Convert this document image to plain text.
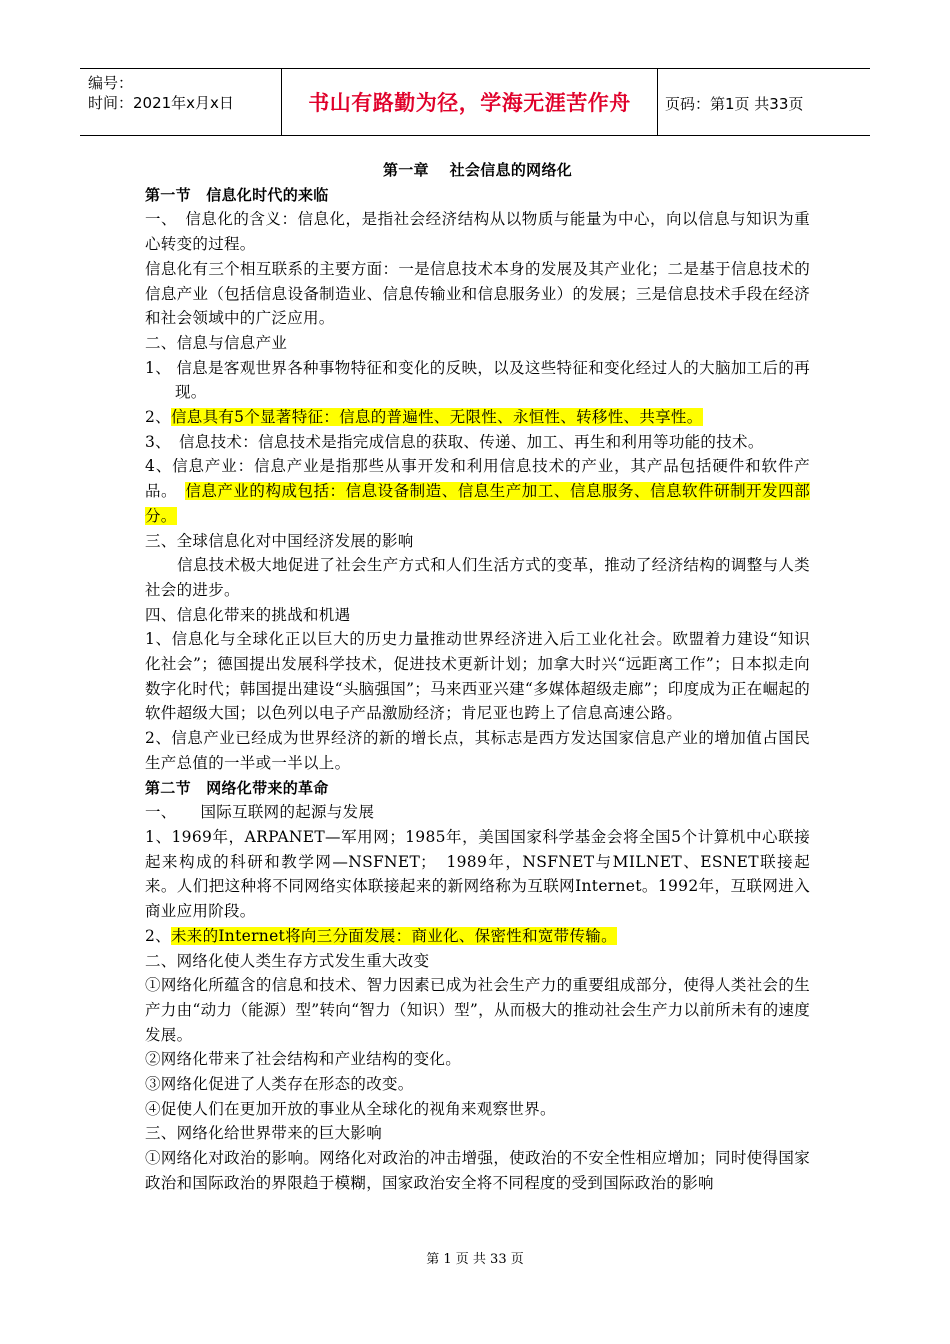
编号：
时间：2021年x月x日	书山有路勤为径，学海无涯苦作舟	页码：第1页 共33页

第一章　 社会信息的网络化

第一节　信息化时代的来临

一、　信息化的含义：信息化，是指社会经济结构从以物质与能量为中心，向以信息与知识为重心转变的过程。

信息化有三个相互联系的主要方面：一是信息技术本身的发展及其产业化；二是基于信息技术的信息产业（包括信息设备制造业、信息传输业和信息服务业）的发展；三是信息技术手段在经济和社会领域中的广泛应用。

二、信息与信息产业

1、 信息是客观世界各种事物特征和变化的反映，以及这些特征和变化经过人的大脑加工后的再现。

2、信息具有5个显著特征：信息的普遍性、无限性、永恒性、转移性、共享性。

3、　信息技术：信息技术是指完成信息的获取、传递、加工、再生和利用等功能的技术。

4、信息产业：信息产业是指那些从事开发和利用信息技术的产业，其产品包括硬件和软件产品。　信息产业的构成包括：信息设备制造、信息生产加工、信息服务、信息软件研制开发四部分。

三、全球信息化对中国经济发展的影响

信息技术极大地促进了社会生产方式和人们生活方式的变革，推动了经济结构的调整与人类社会的进步。

四、信息化带来的挑战和机遇

1、信息化与全球化正以巨大的历史力量推动世界经济进入后工业化社会。欧盟着力建设“知识化社会”；德国提出发展科学技术，促进技术更新计划；加拿大时兴“远距离工作”；日本拟走向数字化时代；韩国提出建设“头脑强国”；马来西亚兴建“多媒体超级走廊”；印度成为正在崛起的软件超级大国；以色列以电子产品激励经济；肯尼亚也跨上了信息高速公路。

2、信息产业已经成为世界经济的新的增长点，其标志是西方发达国家信息产业的增加值占国民生产总值的一半或一半以上。

第二节　网络化带来的革命

一、　　国际互联网的起源与发展

1、1969年，ARPANET—军用网；1985年，美国国家科学基金会将全国5个计算机中心联接起来构成的科研和教学网—NSFNET；　1989年，NSFNET与MILNET、ESNET联接起来。人们把这种将不同网络实体联接起来的新网络称为互联网Internet。1992年，互联网进入商业应用阶段。

2、未来的Internet将向三分面发展：商业化、保密性和宽带传输。

二、网络化使人类生存方式发生重大改变

①网络化所蕴含的信息和技术、智力因素已成为社会生产力的重要组成部分，使得人类社会的生产力由“动力（能源）型”转向“智力（知识）型”，从而极大的推动社会生产力以前所未有的速度发展。

②网络化带来了社会结构和产业结构的变化。

③网络化促进了人类存在形态的改变。

④促使人们在更加开放的事业从全球化的视角来观察世界。

三、网络化给世界带来的巨大影响

①网络化对政治的影响。网络化对政治的冲击增强，使政治的不安全性相应增加；同时使得国家政治和国际政治的界限趋于模糊，国家政治安全将不同程度的受到国际政治的影响

第 1 页 共 33 页
